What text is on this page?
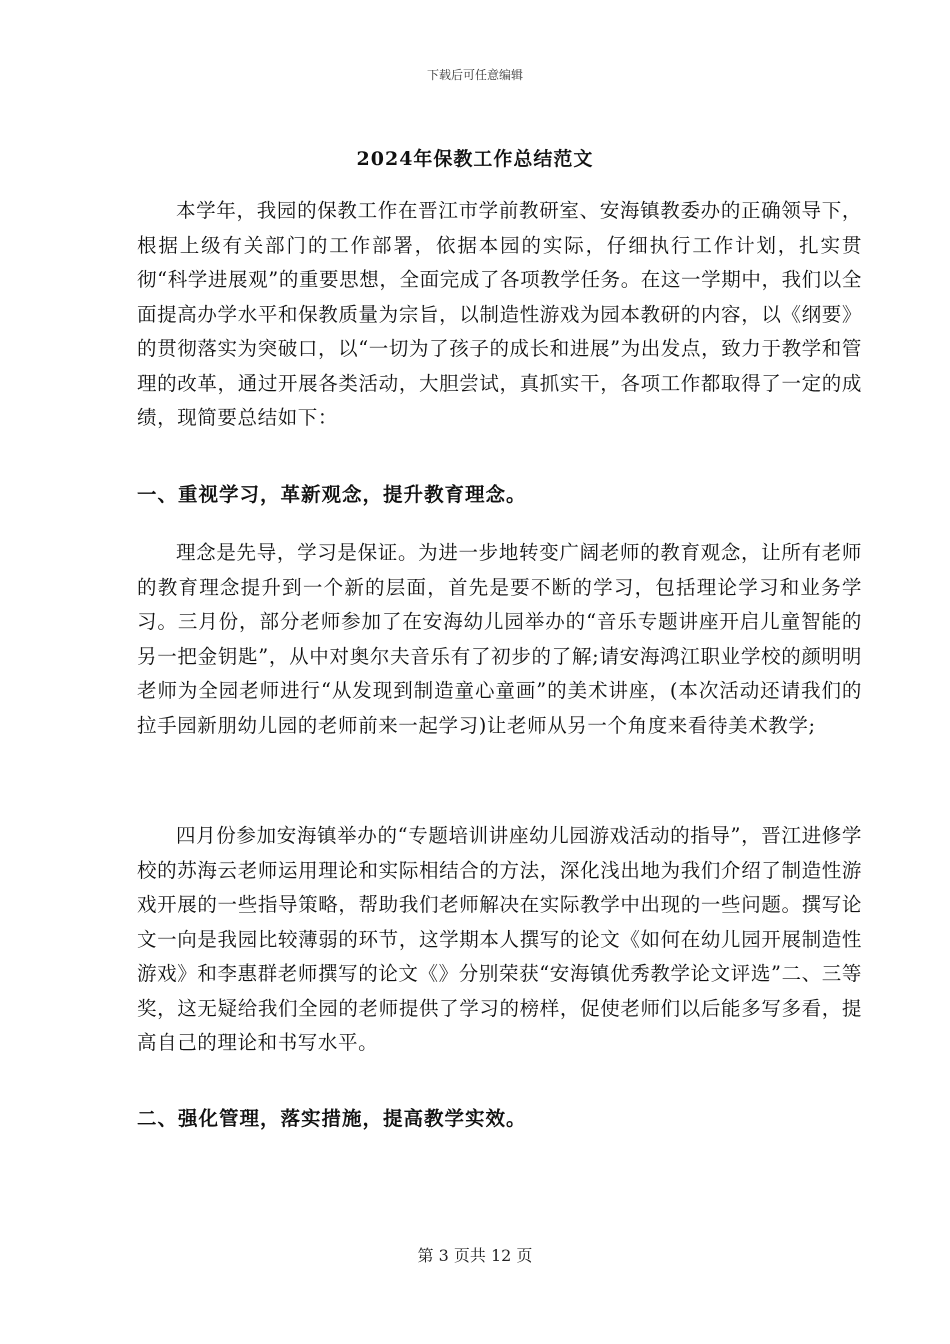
下载后可任意编辑
2024年保教工作总结范文

本学年，我园的保教工作在晋江市学前教研室、安海镇教委办的正确领导下，根据上级有关部门的工作部署，依据本园的实际，仔细执行工作计划，扎实贯彻“科学进展观”的重要思想，全面完成了各项教学任务。在这一学期中，我们以全面提高办学水平和保教质量为宗旨，以制造性游戏为园本教研的内容，以《纲要》的贯彻落实为突破口，以“一切为了孩子的成长和进展”为出发点，致力于教学和管理的改革，通过开展各类活动，大胆尝试，真抓实干，各项工作都取得了一定的成绩，现简要总结如下：

一、重视学习，革新观念，提升教育理念。

理念是先导，学习是保证。为进一步地转变广阔老师的教育观念，让所有老师的教育理念提升到一个新的层面，首先是要不断的学习，包括理论学习和业务学习。三月份，部分老师参加了在安海幼儿园举办的“音乐专题讲座开启儿童智能的另一把金钥匙”，从中对奥尔夫音乐有了初步的了解;请安海鸿江职业学校的颜明明老师为全园老师进行“从发现到制造童心童画”的美术讲座，(本次活动还请我们的拉手园新朋幼儿园的老师前来一起学习)让老师从另一个角度来看待美术教学;

四月份参加安海镇举办的“专题培训讲座幼儿园游戏活动的指导”，晋江进修学校的苏海云老师运用理论和实际相结合的方法，深化浅出地为我们介绍了制造性游戏开展的一些指导策略，帮助我们老师解决在实际教学中出现的一些问题。撰写论文一向是我园比较薄弱的环节，这学期本人撰写的论文《如何在幼儿园开展制造性游戏》和李惠群老师撰写的论文《》分别荣获“安海镇优秀教学论文评选”二、三等奖，这无疑给我们全园的老师提供了学习的榜样，促使老师们以后能多写多看，提高自己的理论和书写水平。

二、强化管理，落实措施，提高教学实效。

第 3 页共 12 页
